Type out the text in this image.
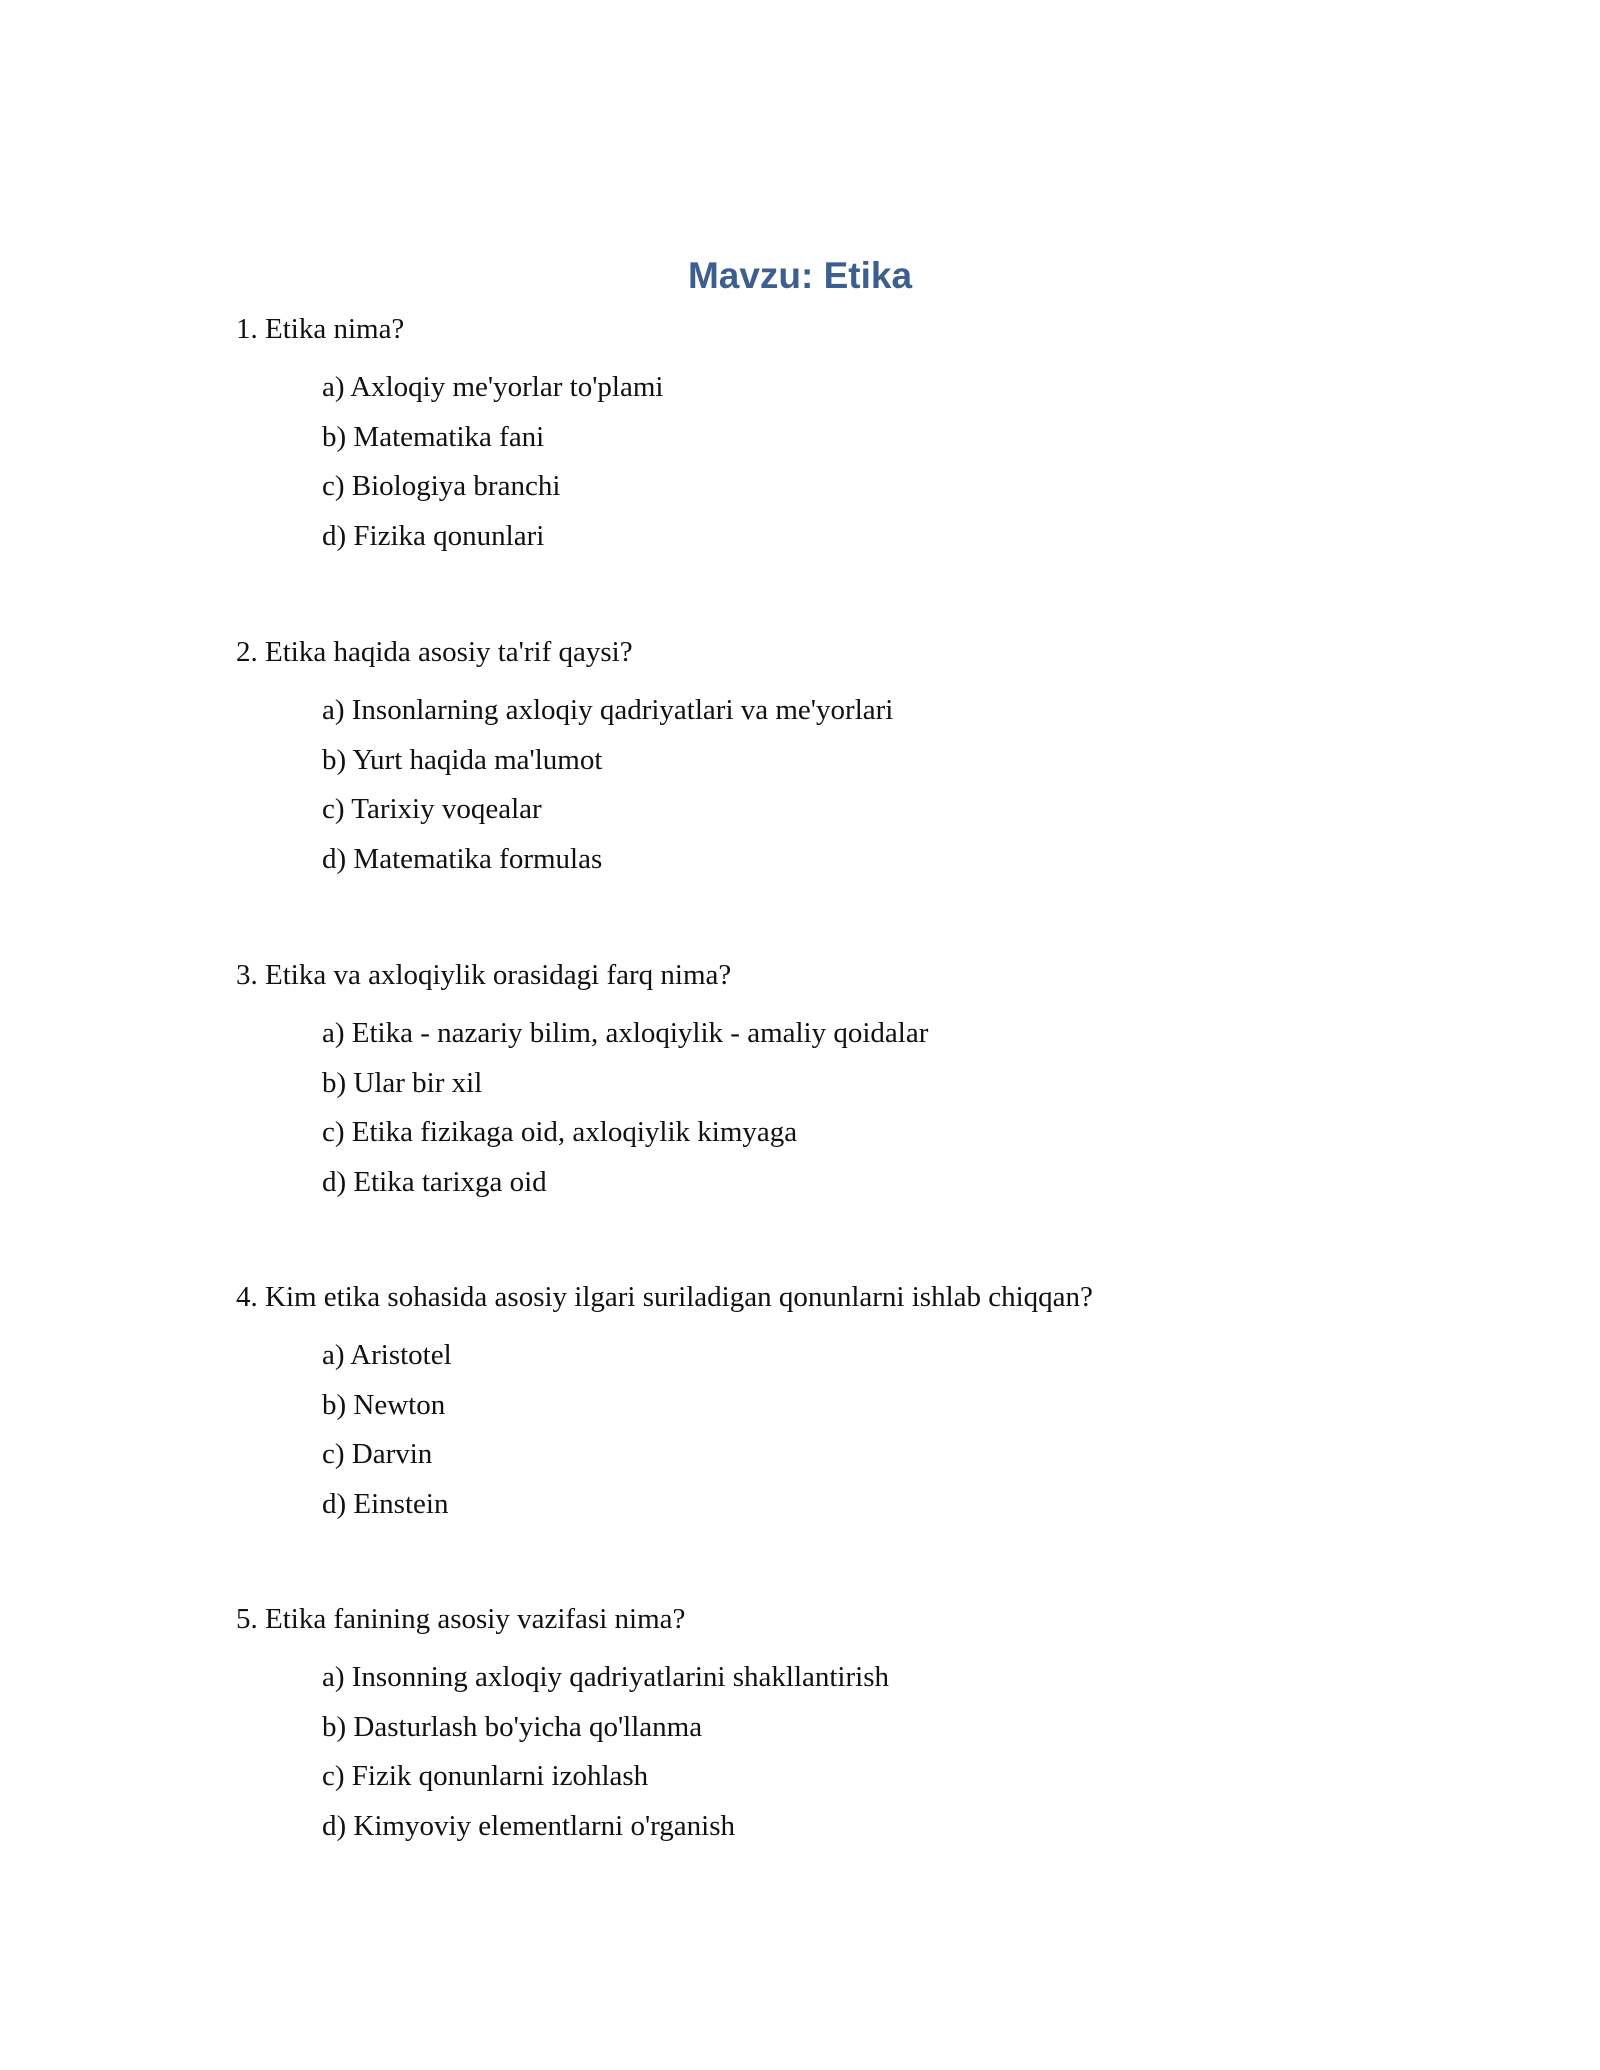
Mavzu: Etika

1. Etika nima?

a) Axloqiy me'yorlar to'plami
b) Matematika fani
c) Biologiya branchi
d) Fizika qonunlari

2. Etika haqida asosiy ta'rif qaysi?

a) Insonlarning axloqiy qadriyatlari va me'yorlari
b) Yurt haqida ma'lumot
c) Tarixiy voqealar
d) Matematika formulas

3. Etika va axloqiylik orasidagi farq nima?

a) Etika - nazariy bilim, axloqiylik - amaliy qoidalar
b) Ular bir xil
c) Etika fizikaga oid, axloqiylik kimyaga
d) Etika tarixga oid

4. Kim etika sohasida asosiy ilgari suriladigan qonunlarni ishlab chiqqan?

a) Aristotel
b) Newton
c) Darvin
d) Einstein

5. Etika fanining asosiy vazifasi nima?

a) Insonning axloqiy qadriyatlarini shakllantirish
b) Dasturlash bo'yicha qo'llanma
c) Fizik qonunlarni izohlash
d) Kimyoviy elementlarni o'rganish
